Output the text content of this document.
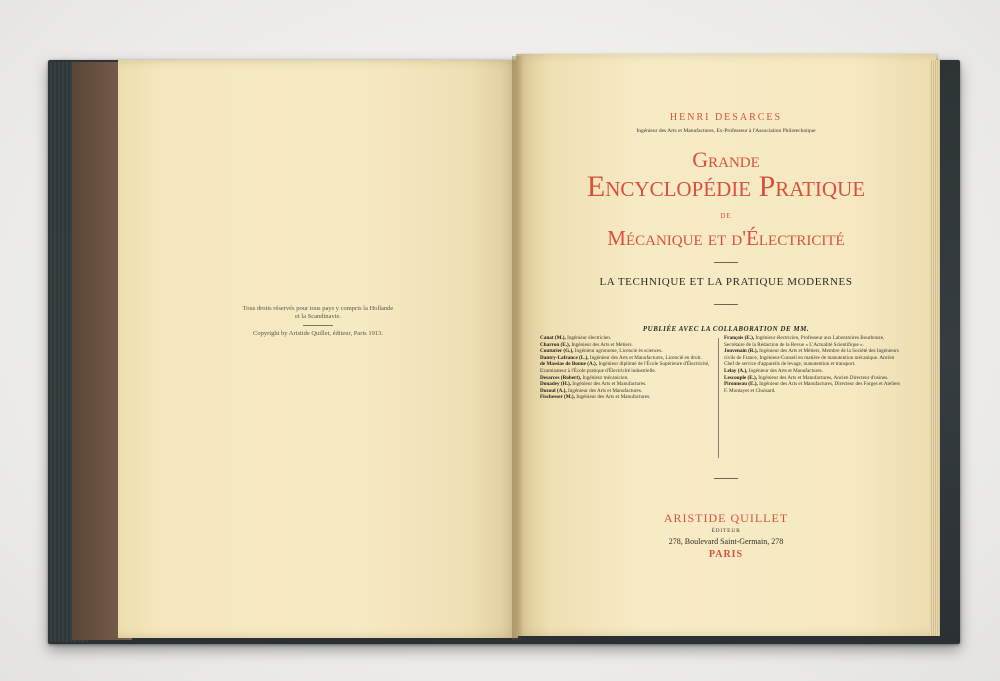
Tous droits réservés pour tous pays y compris la Hollande
et la Scandinavie.
Copyright by Aristide Quillet, éditeur, Paris 1913.
HENRI DESARCES
Ingénieur des Arts et Manufactures, Ex-Professeur à l'Association Philotechnique
Grande
Encyclopédie Pratique
DE
Mécanique et d'Électricité
LA TECHNIQUE ET LA PRATIQUE MODERNES
PUBLIÉE AVEC LA COLLABORATION DE MM.

Canat (M.), Ingénieur électricien.

Charron (E.), Ingénieur des Arts et Métiers.

Couturier (G.), Ingénieur agronome, Licencié ès sciences.

Dantry-Lafrance (L.), Ingénieur des Arts et Manufactures, Licencié en droit.

de Massias de Bonne (A.), Ingénieur diplômé de l'École Supérieure d'Électricité, Examinateur à l'École pratique d'Électricité industrielle.

Desarces (Robert), Ingénieur mécanicien.

Donadey (H.), Ingénieur des Arts et Manufactures.

Dozoul (A.), Ingénieur des Arts et Manufactures.

Fischesser (M.), Ingénieur des Arts et Manufactures.

François (E.), Ingénieur électricien, Professeur aux Laboratoires Bourbouze, Secrétaire de la Rédaction de la Revue « L'Actualité Scientifique ».

Jouvenain (R.), Ingénieur des Arts et Métiers, Membre de la Société des Ingénieurs civils de France, Ingénieur-Conseil en matière de manutention mécanique. Ancien Chef de service d'appareils de levage, manutention et transport.

Lelay (A.), Ingénieur des Arts et Manufactures.

Lescouple (E.), Ingénieur des Arts et Manufactures, Ancien Directeur d'usines.

Pironneau (E.), Ingénieur des Arts et Manufactures, Directeur des Forges et Ateliers F. Montayer et Choisard.

ARISTIDE QUILLET
ÉDITEUR
278, Boulevard Saint-Germain, 278
PARIS
